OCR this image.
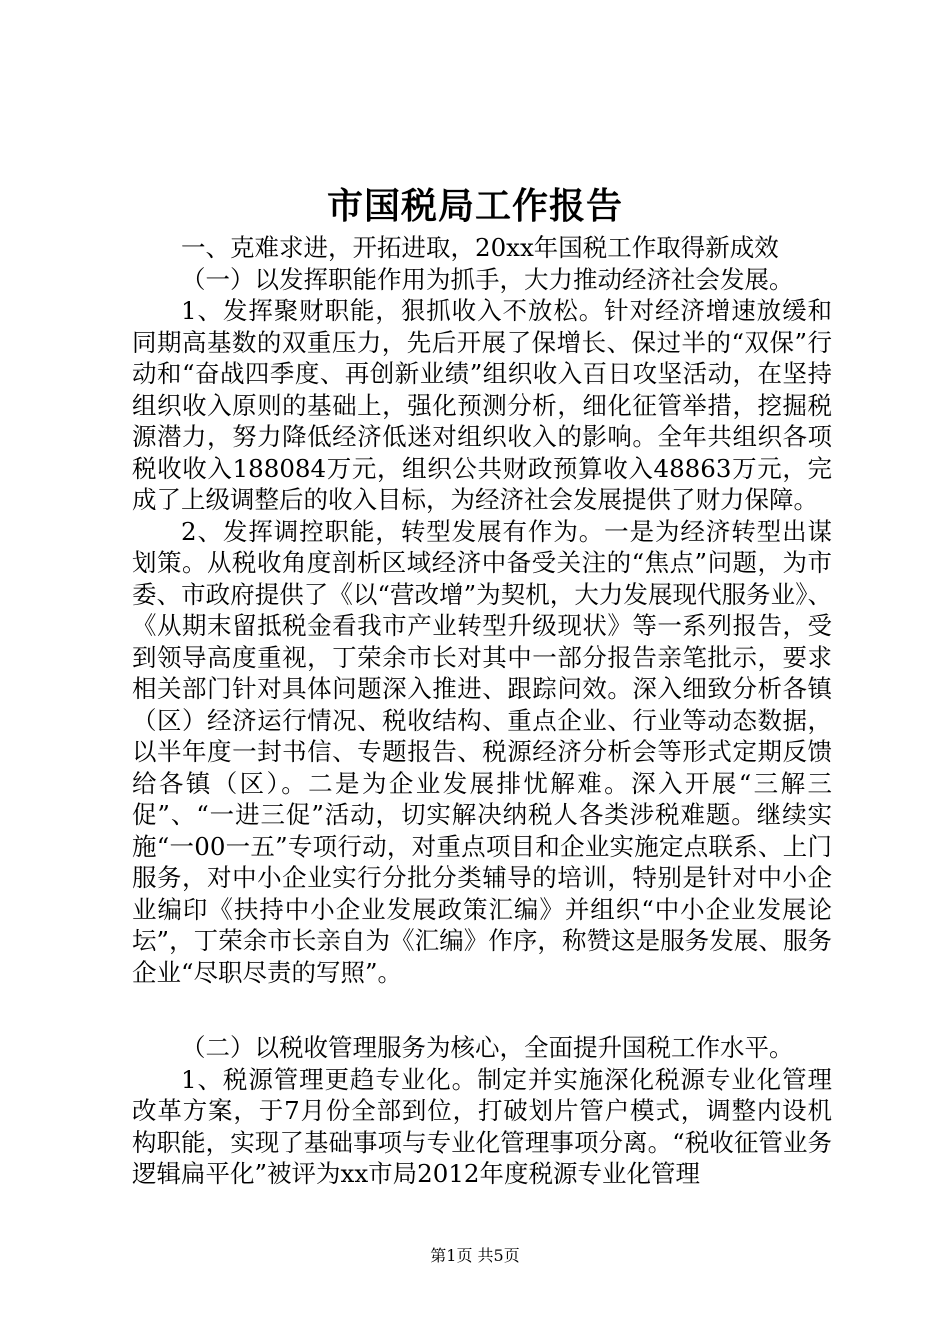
市国税局工作报告

一、克难求进，开拓进取，20xx年国税工作取得新成效

（一）以发挥职能作用为抓手，大力推动经济社会发展。

1、发挥聚财职能，狠抓收入不放松。针对经济增速放缓和同期高基数的双重压力，先后开展了保增长、保过半的“双保”行动和“奋战四季度、再创新业绩”组织收入百日攻坚活动，在坚持组织收入原则的基础上，强化预测分析，细化征管举措，挖掘税源潜力，努力降低经济低迷对组织收入的影响。全年共组织各项税收收入188084万元，组织公共财政预算收入48863万元，完成了上级调整后的收入目标，为经济社会发展提供了财力保障。

2、发挥调控职能，转型发展有作为。一是为经济转型出谋划策。从税收角度剖析区域经济中备受关注的“焦点”问题，为市委、市政府提供了《以“营改增”为契机，大力发展现代服务业》、《从期末留抵税金看我市产业转型升级现状》等一系列报告，受到领导高度重视，丁荣余市长对其中一部分报告亲笔批示，要求相关部门针对具体问题深入推进、跟踪问效。深入细致分析各镇（区）经济运行情况、税收结构、重点企业、行业等动态数据，以半年度一封书信、专题报告、税源经济分析会等形式定期反馈给各镇（区）。二是为企业发展排忧解难。深入开展“三解三促”、“一进三促”活动，切实解决纳税人各类涉税难题。继续实施“一00一五”专项行动，对重点项目和企业实施定点联系、上门服务，对中小企业实行分批分类辅导的培训，特别是针对中小企业编印《扶持中小企业发展政策汇编》并组织“中小企业发展论坛”，丁荣余市长亲自为《汇编》作序，称赞这是服务发展、服务企业“尽职尽责的写照”。

（二）以税收管理服务为核心，全面提升国税工作水平。

1、税源管理更趋专业化。制定并实施深化税源专业化管理改革方案，于7月份全部到位，打破划片管户模式，调整内设机构职能，实现了基础事项与专业化管理事项分离。“税收征管业务逻辑扁平化”被评为xx市局2012年度税源专业化管理

第1页 共5页
